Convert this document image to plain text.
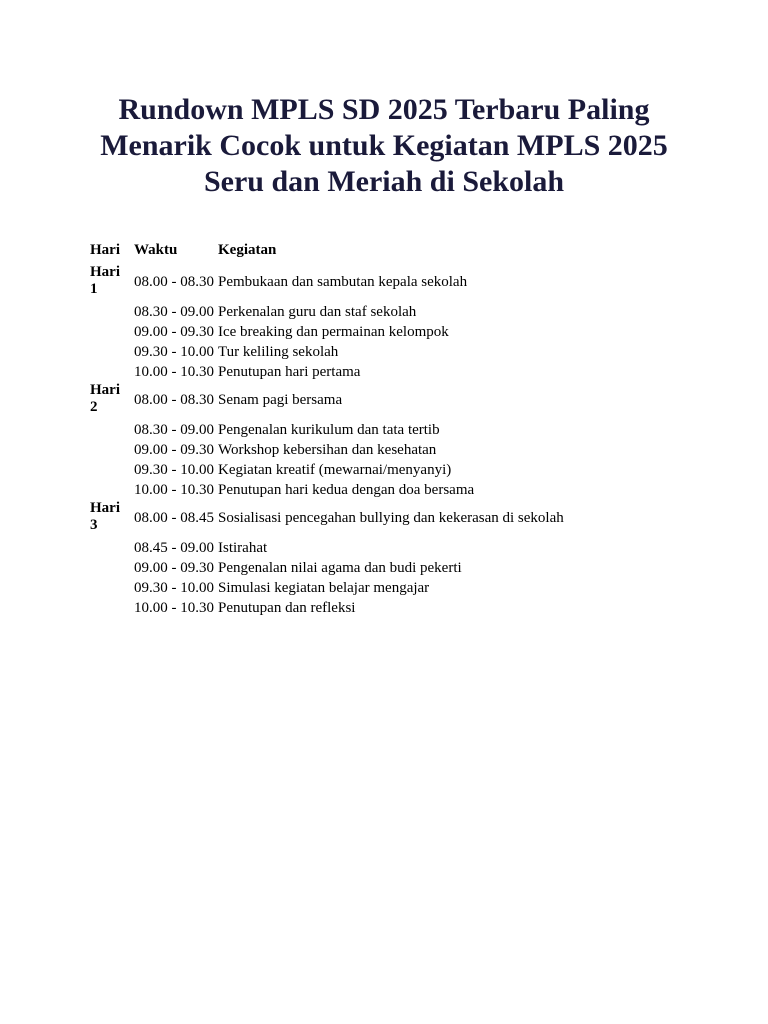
Rundown MPLS SD 2025 Terbaru Paling
Menarik Cocok untuk Kegiatan MPLS 2025
Seru dan Meriah di Sekolah
Hari	Waktu	Kegiatan

Hari 1	08.00 - 08.30	Pembukaan dan sambutan kepala sekolah
	08.30 - 09.00	Perkenalan guru dan staf sekolah
	09.00 - 09.30	Ice breaking dan permainan kelompok
	09.30 - 10.00	Tur keliling sekolah
	10.00 - 10.30	Penutupan hari pertama

Hari 2	08.00 - 08.30	Senam pagi bersama
	08.30 - 09.00	Pengenalan kurikulum dan tata tertib
	09.00 - 09.30	Workshop kebersihan dan kesehatan
	09.30 - 10.00	Kegiatan kreatif (mewarnai/menyanyi)
	10.00 - 10.30	Penutupan hari kedua dengan doa bersama

Hari 3	08.00 - 08.45	Sosialisasi pencegahan bullying dan kekerasan di sekolah
	08.45 - 09.00	Istirahat
	09.00 - 09.30	Pengenalan nilai agama dan budi pekerti
	09.30 - 10.00	Simulasi kegiatan belajar mengajar
	10.00 - 10.30	Penutupan dan refleksi
